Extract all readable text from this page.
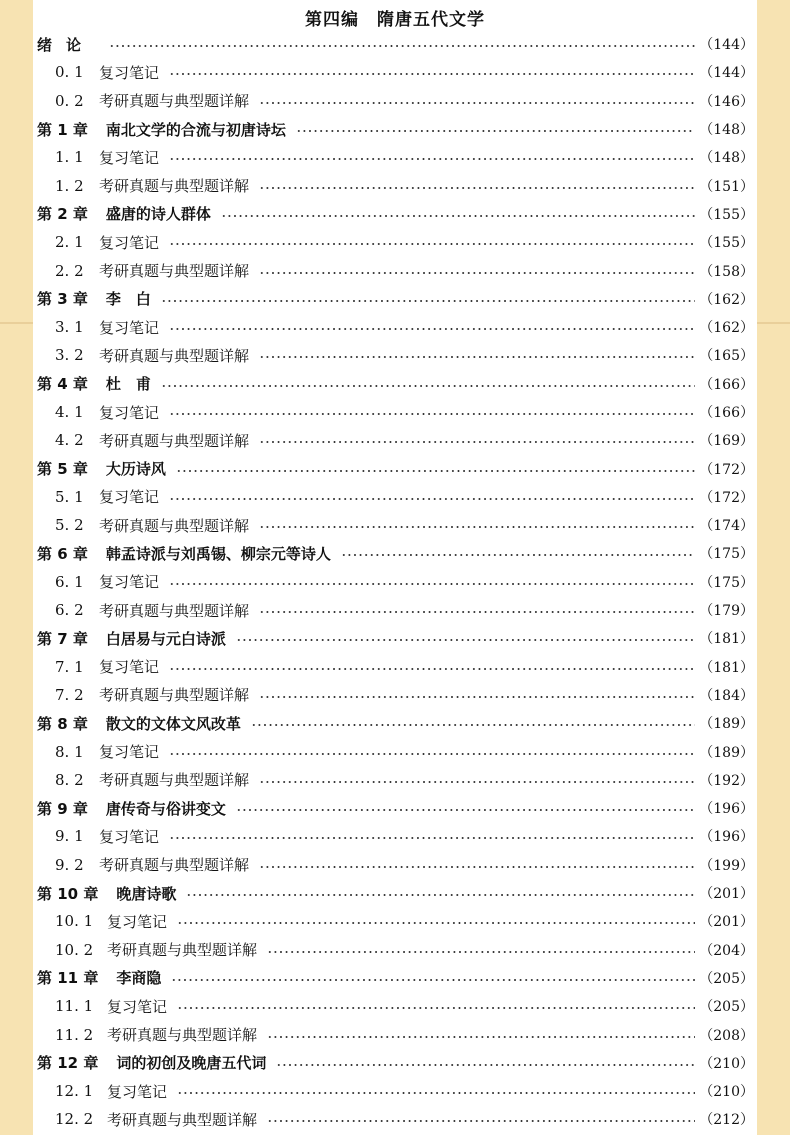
第四编　隋唐五代文学
绪论	（144）
0. 1	复习笔记	（144）
0. 2	考研真题与典型题详解	（146）
第 1 章 南北文学的合流与初唐诗坛	（148）
1. 1	复习笔记	（148）
1. 2	考研真题与典型题详解	（151）
第 2 章 盛唐的诗人群体	（155）
2. 1	复习笔记	（155）
2. 2	考研真题与典型题详解	（158）
第 3 章 李　白	（162）
3. 1	复习笔记	（162）
3. 2	考研真题与典型题详解	（165）
第 4 章 杜　甫	（166）
4. 1	复习笔记	（166）
4. 2	考研真题与典型题详解	（169）
第 5 章 大历诗风	（172）
5. 1	复习笔记	（172）
5. 2	考研真题与典型题详解	（174）
第 6 章 韩孟诗派与刘禹锡、柳宗元等诗人	（175）
6. 1	复习笔记	（175）
6. 2	考研真题与典型题详解	（179）
第 7 章 白居易与元白诗派	（181）
7. 1	复习笔记	（181）
7. 2	考研真题与典型题详解	（184）
第 8 章 散文的文体文风改革	（189）
8. 1	复习笔记	（189）
8. 2	考研真题与典型题详解	（192）
第 9 章 唐传奇与俗讲变文	（196）
9. 1	复习笔记	（196）
9. 2	考研真题与典型题详解	（199）
第 10 章 晚唐诗歌	（201）
10. 1 复习笔记	（201）
10. 2 考研真题与典型题详解	（204）
第 11 章 李商隐	（205）
11. 1 复习笔记	（205）
11. 2 考研真题与典型题详解	（208）
第 12 章 词的初创及晚唐五代词	（210）
12. 1 复习笔记	（210）
12. 2 考研真题与典型题详解	（212）
